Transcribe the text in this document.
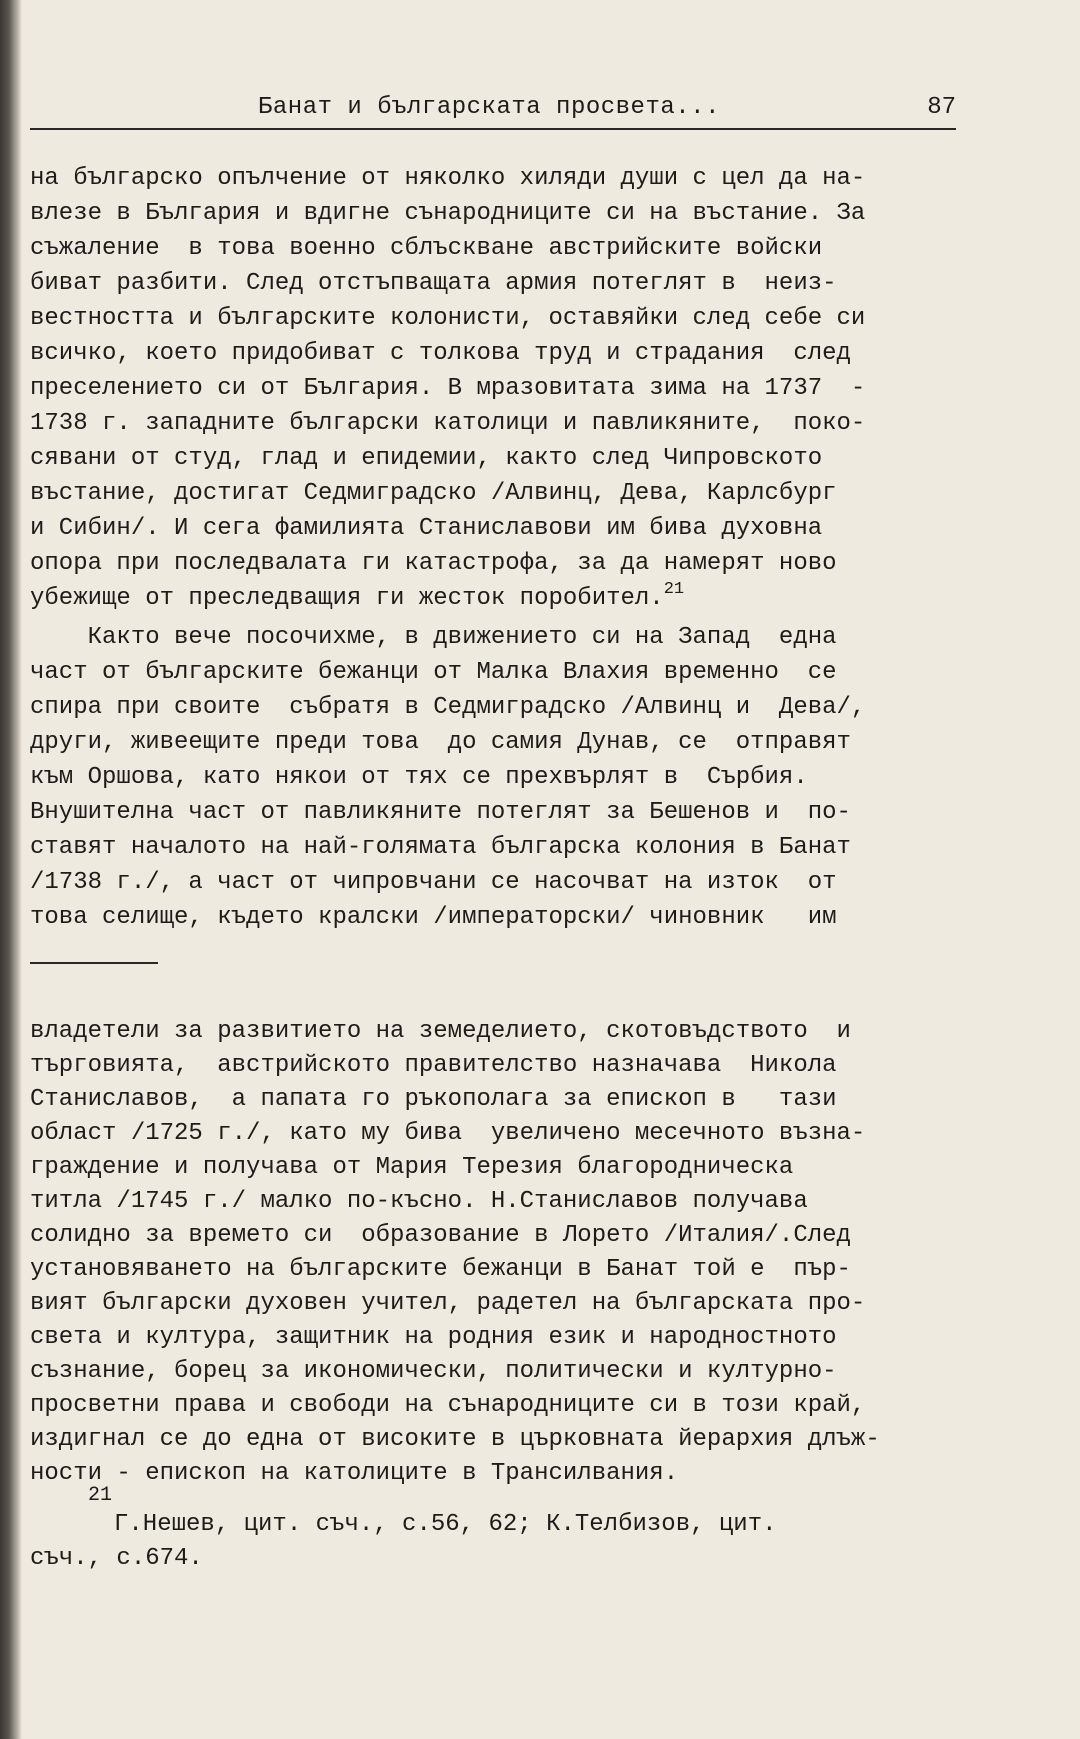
Банат и българската просвета...	87
на българско опълчение от няколко хиляди души с цел да на-
влезе в България и вдигне сънародниците си на въстание. За
съжаление  в това военно сблъскване австрийските войски
биват разбити. След отстъпващата армия потеглят в  неиз-
вестността и българските колонисти, оставяйки след себе си
всичко, което придобиват с толкова труд и страдания  след
преселението си от България. В мразовитата зима на 1737  -
1738 г. западните български католици и павликяните,  поко-
сявани от студ, глад и епидемии, както след Чипровското
въстание, достигат Седмиградско /Алвинц, Дева, Карлсбург
и Сибин/. И сега фамилията Станиславови им бива духовна
опора при последвалата ги катастрофа, за да намерят ново
убежище от преследващия ги жесток поробител.$^{21}$
Както вече посочихме, в движението си на Запад  една
част от българските бежанци от Малка Влахия временно  се
спира при своите  събратя в Седмиградско /Алвинц и  Дева/,
други, живеещите преди това  до самия Дунав, се  отправят
към Оршова, като някои от тях се прехвърлят в  Сърбия.
Внушителна част от павликяните потеглят за Бешенов и  по-
ставят началото на най-голямата българска колония в Банат
/1738 г./, а част от чипровчани се насочват на изток  от
това селище, където кралски /императорски/ чиновник   им
владетели за развитието на земеделието, скотовъдството  и
търговията,  австрийското правителство назначава  Никола
Станиславов,  а папата го ръкополага за епископ в   тази
област /1725 г./, като му бива  увеличено месечното възна-
граждение и получава от Мария Терезия благородническа
титла /1745 г./ малко по-късно. Н.Станиславов получава
солидно за времето си  образование в Лорето /Италия/.След
установяването на българските бежанци в Банат той е  пър-
вият български духовен учител, радетел на българската про-
света и култура, защитник на родния език и народностното
съзнание, борец за икономически, политически и културно-
просветни права и свободи на сънародниците си в този край,
издигнал се до една от високите в църковната йерархия длъж-
ности - епископ на католиците в Трансилвания.
21
Г.Нешев, цит. съч., с.56, 62; К.Телбизов, цит.
съч., с.674.
